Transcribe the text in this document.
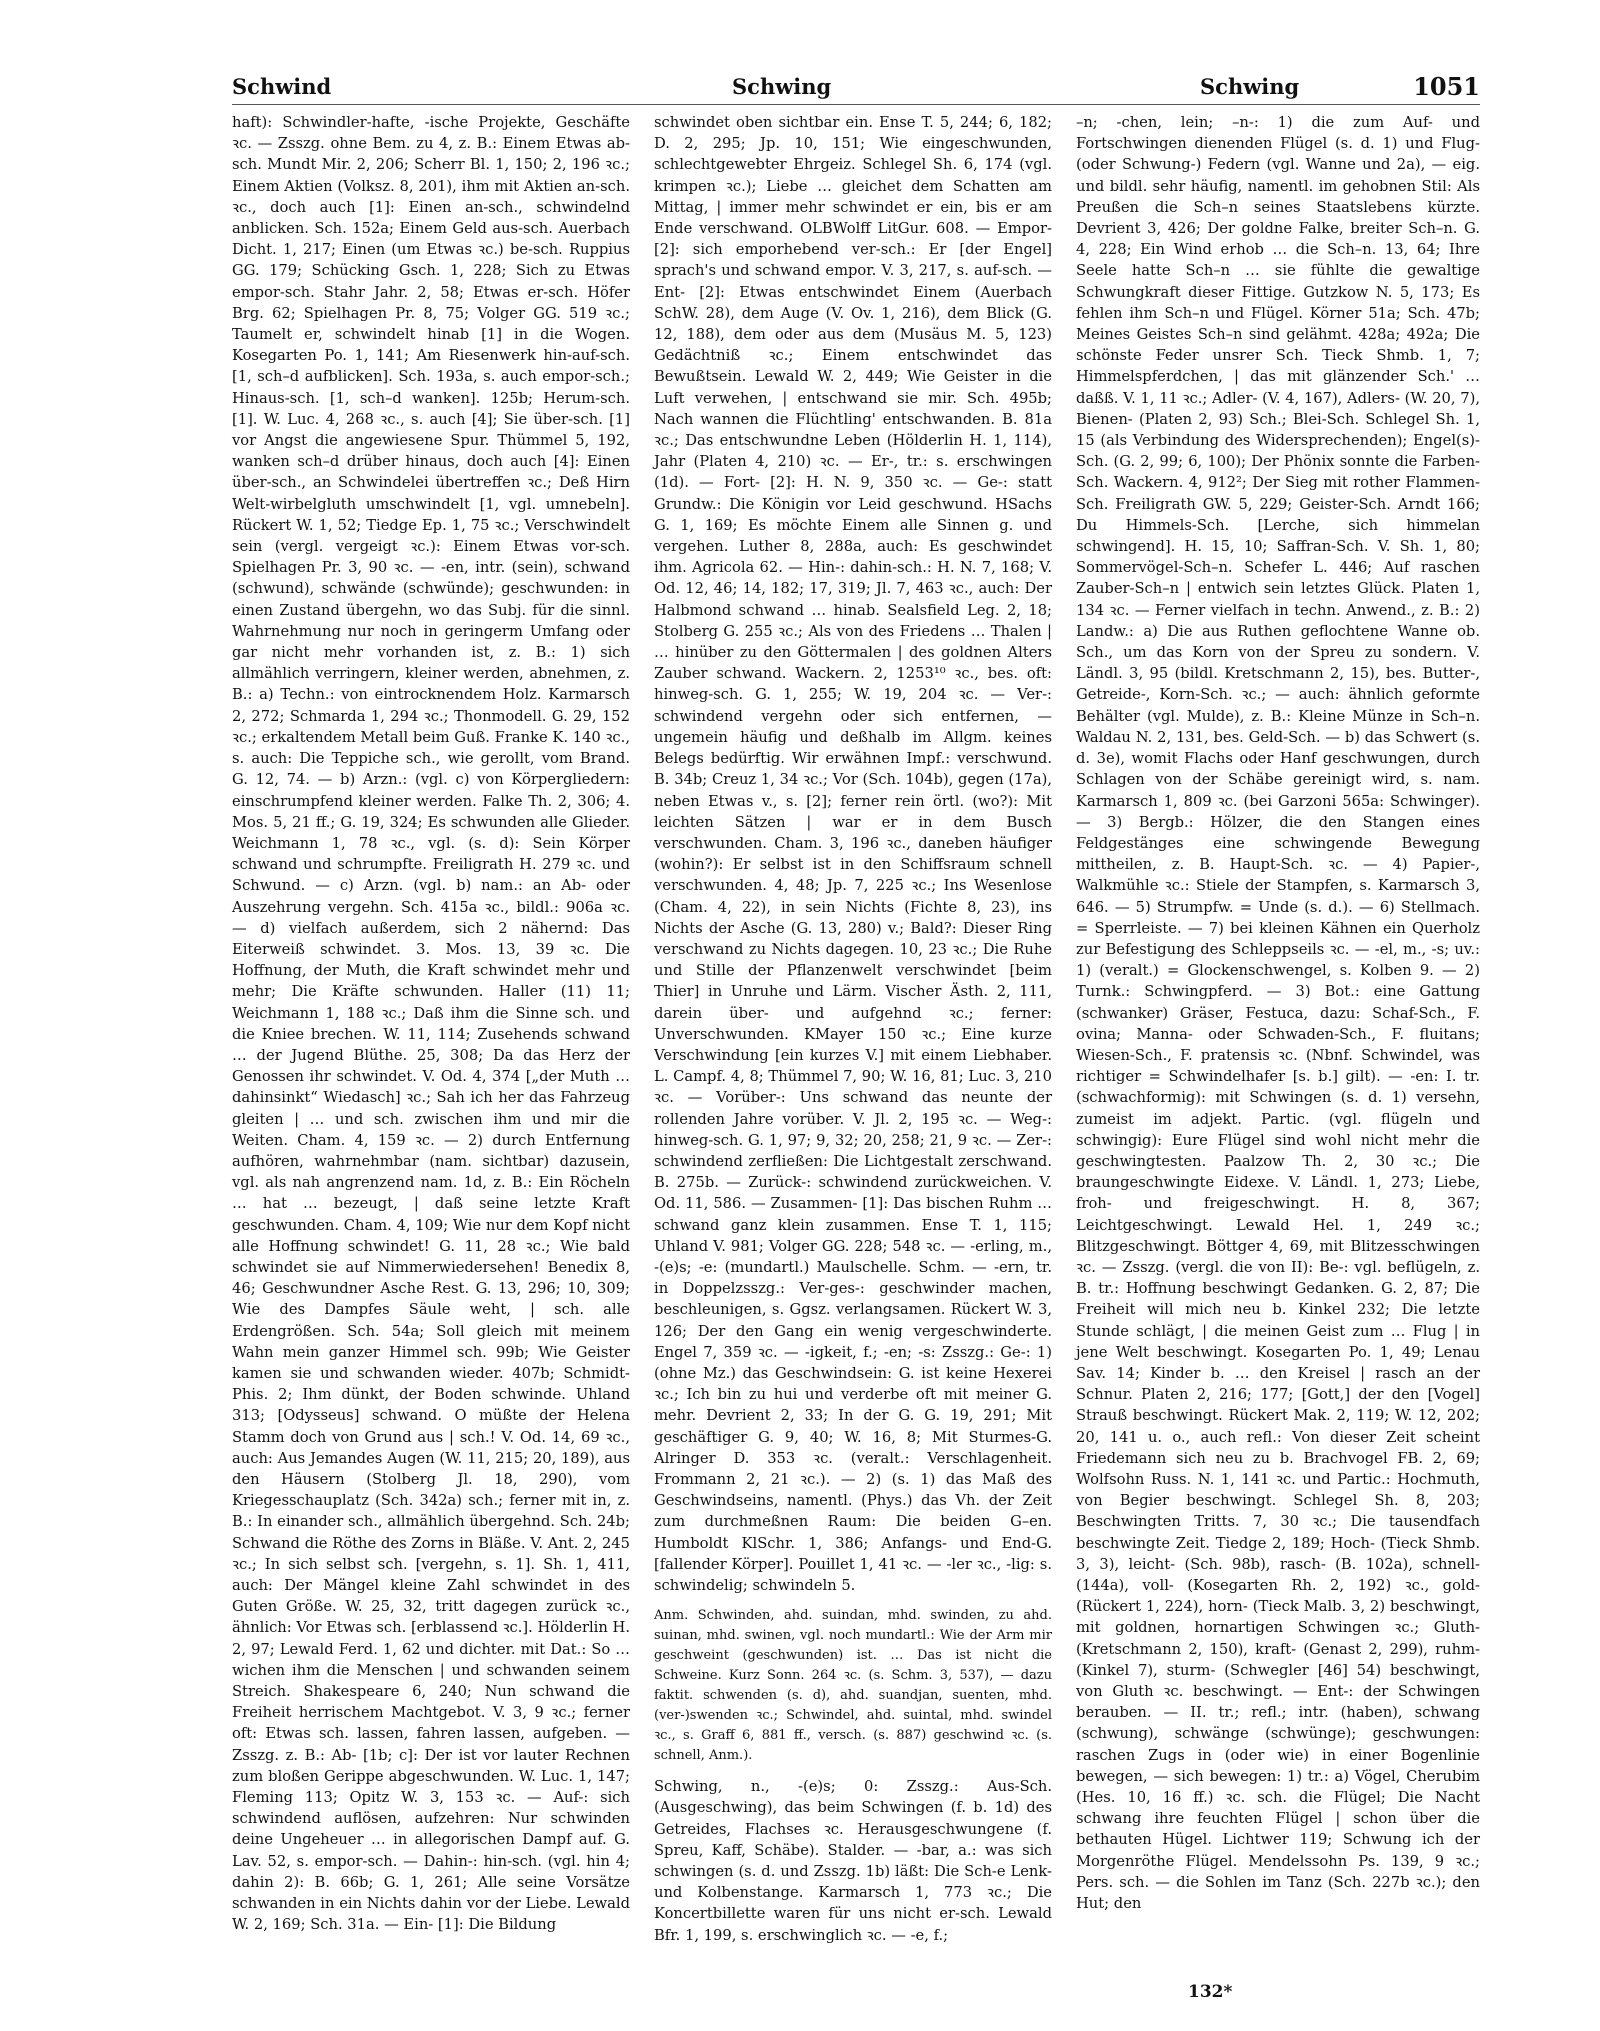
Schwind	Schwing	Schwing	1051

haft): Schwindler-hafte, -ische Projekte, Geschäfte ꝛc. — Zsszg. ohne Bem. zu 4, z. B.: Einem Etwas ab-sch. Mundt Mir. 2, 206; Scherr Bl. 1, 150; 2, 196 ꝛc.; Einem Aktien (Volksz. 8, 201), ihm mit Aktien an-sch. ꝛc., doch auch [1]: Einen an-sch., schwindelnd anblicken. Sch. 152a; Einem Geld aus-sch. Auerbach Dicht. 1, 217; Einen (um Etwas ꝛc.) be-sch. Ruppius GG. 179; Schücking Gsch. 1, 228; Sich zu Etwas empor-sch. Stahr Jahr. 2, 58; Etwas er-sch. Höfer Brg. 62; Spielhagen Pr. 8, 75; Volger GG. 519 ꝛc.; Taumelt er, schwindelt hinab [1] in die Wogen. Kosegarten Po. 1, 141; Am Riesenwerk hin-auf-sch. [1, sch–d aufblicken]. Sch. 193a, s. auch empor-sch.; Hinaus-sch. [1, sch–d wanken]. 125b; Herum-sch. [1]. W. Luc. 4, 268 ꝛc., s. auch [4]; Sie über-sch. [1] vor Angst die angewiesene Spur. Thümmel 5, 192, wanken sch–d drüber hinaus, doch auch [4]: Einen über-sch., an Schwindelei übertreffen ꝛc.; Deß Hirn Welt-wirbelgluth umschwindelt [1, vgl. umnebeln]. Rückert W. 1, 52; Tiedge Ep. 1, 75 ꝛc.; Verschwindelt sein (vergl. vergeigt ꝛc.): Einem Etwas vor-sch. Spielhagen Pr. 3, 90 ꝛc. — -en, intr. (sein), schwand (schwund), schwände (schwünde); geschwunden: in einen Zustand übergehn, wo das Subj. für die sinnl. Wahrnehmung nur noch in geringerm Umfang oder gar nicht mehr vorhanden ist, z. B.: 1) sich allmählich verringern, kleiner werden, abnehmen, z. B.: a) Techn.: von eintrocknendem Holz. Karmarsch 2, 272; Schmarda 1, 294 ꝛc.; Thonmodell. G. 29, 152 ꝛc.; erkaltendem Metall beim Guß. Franke K. 140 ꝛc., s. auch: Die Teppiche sch., wie gerollt, vom Brand. G. 12, 74. — b) Arzn.: (vgl. c) von Körpergliedern: einschrumpfend kleiner werden. Falke Th. 2, 306; 4. Mos. 5, 21 ff.; G. 19, 324; Es schwunden alle Glieder. Weichmann 1, 78 ꝛc., vgl. (s. d): Sein Körper schwand und schrumpfte. Freiligrath H. 279 ꝛc. und Schwund. — c) Arzn. (vgl. b) nam.: an Ab- oder Auszehrung vergehn. Sch. 415a ꝛc., bildl.: 906a ꝛc. — d) vielfach außerdem, sich 2 nähernd: Das Eiterweiß schwindet. 3. Mos. 13, 39 ꝛc. Die Hoffnung, der Muth, die Kraft schwindet mehr und mehr; Die Kräfte schwunden. Haller (11) 11; Weichmann 1, 188 ꝛc.; Daß ihm die Sinne sch. und die Kniee brechen. W. 11, 114; Zusehends schwand … der Jugend Blüthe. 25, 308; Da das Herz der Genossen ihr schwindet. V. Od. 4, 374 [„der Muth … dahinsinkt“ Wiedasch] ꝛc.; Sah ich her das Fahrzeug gleiten | … und sch. zwischen ihm und mir die Weiten. Cham. 4, 159 ꝛc. — 2) durch Entfernung aufhören, wahrnehmbar (nam. sichtbar) dazusein, vgl. als nah angrenzend nam. 1d, z. B.: Ein Röcheln … hat … bezeugt, | daß seine letzte Kraft geschwunden. Cham. 4, 109; Wie nur dem Kopf nicht alle Hoffnung schwindet! G. 11, 28 ꝛc.; Wie bald schwindet sie auf Nimmerwiedersehen! Benedix 8, 46; Geschwundner Asche Rest. G. 13, 296; 10, 309; Wie des Dampfes Säule weht, | sch. alle Erdengrößen. Sch. 54a; Soll gleich mit meinem Wahn mein ganzer Himmel sch. 99b; Wie Geister kamen sie und schwanden wieder. 407b; Schmidt-Phis. 2; Ihm dünkt, der Boden schwinde. Uhland 313; [Odysseus] schwand. O müßte der Helena Stamm doch von Grund aus | sch.! V. Od. 14, 69 ꝛc., auch: Aus Jemandes Augen (W. 11, 215; 20, 189), aus den Häusern (Stolberg Jl. 18, 290), vom Kriegesschauplatz (Sch. 342a) sch.; ferner mit in, z. B.: In einander sch., allmählich übergehnd. Sch. 24b; Schwand die Röthe des Zorns in Bläße. V. Ant. 2, 245 ꝛc.; In sich selbst sch. [vergehn, s. 1]. Sh. 1, 411, auch: Der Mängel kleine Zahl schwindet in des Guten Größe. W. 25, 32, tritt dagegen zurück ꝛc., ähnlich: Vor Etwas sch. [erblassend ꝛc.]. Hölderlin H. 2, 97; Lewald Ferd. 1, 62 und dichter. mit Dat.: So … wichen ihm die Menschen | und schwanden seinem Streich. Shakespeare 6, 240; Nun schwand die Freiheit herrischem Machtgebot. V. 3, 9 ꝛc.; ferner oft: Etwas sch. lassen, fahren lassen, aufgeben. — Zsszg. z. B.: Ab- [1b; c]: Der ist vor lauter Rechnen zum bloßen Gerippe abgeschwunden. W. Luc. 1, 147; Fleming 113; Opitz W. 3, 153 ꝛc. — Auf-: sich schwindend auflösen, aufzehren: Nur schwinden deine Ungeheuer … in allegorischen Dampf auf. G. Lav. 52, s. empor-sch. — Dahin-: hin-sch. (vgl. hin 4; dahin 2): B. 66b; G. 1, 261; Alle seine Vorsätze schwanden in ein Nichts dahin vor der Liebe. Lewald W. 2, 169; Sch. 31a. — Ein- [1]: Die Bildung

schwindet oben sichtbar ein. Ense T. 5, 244; 6, 182; D. 2, 295; Jp. 10, 151; Wie eingeschwunden, schlechtgewebter Ehrgeiz. Schlegel Sh. 6, 174 (vgl. krimpen ꝛc.); Liebe … gleichet dem Schatten am Mittag, | immer mehr schwindet er ein, bis er am Ende verschwand. OLBWolff LitGur. 608. — Empor- [2]: sich emporhebend ver-sch.: Er [der Engel] sprach's und schwand empor. V. 3, 217, s. auf-sch. — Ent- [2]: Etwas entschwindet Einem (Auerbach SchW. 28), dem Auge (V. Ov. 1, 216), dem Blick (G. 12, 188), dem oder aus dem (Musäus M. 5, 123) Gedächtniß ꝛc.; Einem entschwindet das Bewußtsein. Lewald W. 2, 449; Wie Geister in die Luft verwehen, | entschwand sie mir. Sch. 495b; Nach wannen die Flüchtling' entschwanden. B. 81a ꝛc.; Das entschwundne Leben (Hölderlin H. 1, 114), Jahr (Platen 4, 210) ꝛc. — Er-, tr.: s. erschwingen (1d). — Fort- [2]: H. N. 9, 350 ꝛc. — Ge-: statt Grundw.: Die Königin vor Leid geschwund. HSachs G. 1, 169; Es möchte Einem alle Sinnen g. und vergehen. Luther 8, 288a, auch: Es geschwindet ihm. Agricola 62. — Hin-: dahin-sch.: H. N. 7, 168; V. Od. 12, 46; 14, 182; 17, 319; Jl. 7, 463 ꝛc., auch: Der Halbmond schwand … hinab. Sealsfield Leg. 2, 18; Stolberg G. 255 ꝛc.; Als von des Friedens … Thalen | … hinüber zu den Göttermalen | des goldnen Alters Zauber schwand. Wackern. 2, 1253¹⁰ ꝛc., bes. oft: hinweg-sch. G. 1, 255; W. 19, 204 ꝛc. — Ver-: schwindend vergehn oder sich entfernen, — ungemein häufig und deßhalb im Allgm. keines Belegs bedürftig. Wir erwähnen Impf.: verschwund. B. 34b; Creuz 1, 34 ꝛc.; Vor (Sch. 104b), gegen (17a), neben Etwas v., s. [2]; ferner rein örtl. (wo?): Mit leichten Sätzen | war er in dem Busch verschwunden. Cham. 3, 196 ꝛc., daneben häufiger (wohin?): Er selbst ist in den Schiffsraum schnell verschwunden. 4, 48; Jp. 7, 225 ꝛc.; Ins Wesenlose (Cham. 4, 22), in sein Nichts (Fichte 8, 23), ins Nichts der Asche (G. 13, 280) v.; Bald?: Dieser Ring verschwand zu Nichts dagegen. 10, 23 ꝛc.; Die Ruhe und Stille der Pflanzenwelt verschwindet [beim Thier] in Unruhe und Lärm. Vischer Ästh. 2, 111, darein über- und aufgehnd ꝛc.; ferner: Unverschwunden. KMayer 150 ꝛc.; Eine kurze Verschwindung [ein kurzes V.] mit einem Liebhaber. L. Campf. 4, 8; Thümmel 7, 90; W. 16, 81; Luc. 3, 210 ꝛc. — Vorüber-: Uns schwand das neunte der rollenden Jahre vorüber. V. Jl. 2, 195 ꝛc. — Weg-: hinweg-sch. G. 1, 97; 9, 32; 20, 258; 21, 9 ꝛc. — Zer-: schwindend zerfließen: Die Lichtgestalt zerschwand. B. 275b. — Zurück-: schwindend zurückweichen. V. Od. 11, 586. — Zusammen- [1]: Das bischen Ruhm … schwand ganz klein zusammen. Ense T. 1, 115; Uhland V. 981; Volger GG. 228; 548 ꝛc. — -erling, m., -(e)s; -e: (mundartl.) Maulschelle. Schm. — -ern, tr. in Doppelzsszg.: Ver-ges-: geschwinder machen, beschleunigen, s. Ggsz. verlangsamen. Rückert W. 3, 126; Der den Gang ein wenig vergeschwinderte. Engel 7, 359 ꝛc. — -igkeit, f.; -en; -s: Zsszg.: Ge-: 1) (ohne Mz.) das Geschwindsein: G. ist keine Hexerei ꝛc.; Ich bin zu hui und verderbe oft mit meiner G. mehr. Devrient 2, 33; In der G. G. 19, 291; Mit geschäftiger G. 9, 40; W. 16, 8; Mit Sturmes-G. Alringer D. 353 ꝛc. (veralt.: Verschlagenheit. Frommann 2, 21 ꝛc.). — 2) (s. 1) das Maß des Geschwindseins, namentl. (Phys.) das Vh. der Zeit zum durchmeßnen Raum: Die beiden G–en. Humboldt KlSchr. 1, 386; Anfangs- und End-G. [fallender Körper]. Pouillet 1, 41 ꝛc. — -ler ꝛc., -lig: s. schwindelig; schwindeln 5.

Anm. Schwinden, ahd. suindan, mhd. swinden, zu ahd. suinan, mhd. swinen, vgl. noch mundartl.: Wie der Arm mir geschweint (geschwunden) ist. … Das ist nicht die Schweine. Kurz Sonn. 264 ꝛc. (s. Schm. 3, 537), — dazu faktit. schwenden (s. d), ahd. suandjan, suenten, mhd. (ver-)swenden ꝛc.; Schwindel, ahd. suintal, mhd. swindel ꝛc., s. Graff 6, 881 ff., versch. (s. 887) geschwind ꝛc. (s. schnell, Anm.).

Schwing, n., -(e)s; 0: Zsszg.: Aus-Sch. (Ausgeschwing), das beim Schwingen (f. b. 1d) des Getreides, Flachses ꝛc. Herausgeschwungene (f. Spreu, Kaff, Schäbe). Stalder. — -bar, a.: was sich schwingen (s. d. und Zsszg. 1b) läßt: Die Sch-e Lenk- und Kolbenstange. Karmarsch 1, 773 ꝛc.; Die Koncertbillette waren für uns nicht er-sch. Lewald Bfr. 1, 199, s. erschwinglich ꝛc. — -e, f.;

–n; -chen, lein; –n-: 1) die zum Auf- und Fortschwingen dienenden Flügel (s. d. 1) und Flug- (oder Schwung-) Federn (vgl. Wanne und 2a), — eig. und bildl. sehr häufig, namentl. im gehobnen Stil: Als Preußen die Sch–n seines Staatslebens kürzte. Devrient 3, 426; Der goldne Falke, breiter Sch–n. G. 4, 228; Ein Wind erhob … die Sch–n. 13, 64; Ihre Seele hatte Sch–n … sie fühlte die gewaltige Schwungkraft dieser Fittige. Gutzkow N. 5, 173; Es fehlen ihm Sch–n und Flügel. Körner 51a; Sch. 47b; Meines Geistes Sch–n sind gelähmt. 428a; 492a; Die schönste Feder unsrer Sch. Tieck Shmb. 1, 7; Himmelspferdchen, | das mit glänzender Sch.' … daßß. V. 1, 11 ꝛc.; Adler- (V. 4, 167), Adlers- (W. 20, 7), Bienen- (Platen 2, 93) Sch.; Blei-Sch. Schlegel Sh. 1, 15 (als Verbindung des Widersprechenden); Engel(s)-Sch. (G. 2, 99; 6, 100); Der Phönix sonnte die Farben-Sch. Wackern. 4, 912²; Der Sieg mit rother Flammen-Sch. Freiligrath GW. 5, 229; Geister-Sch. Arndt 166; Du Himmels-Sch. [Lerche, sich himmelan schwingend]. H. 15, 10; Saffran-Sch. V. Sh. 1, 80; Sommervögel-Sch–n. Schefer L. 446; Auf raschen Zauber-Sch–n | entwich sein letztes Glück. Platen 1, 134 ꝛc. — Ferner vielfach in techn. Anwend., z. B.: 2) Landw.: a) Die aus Ruthen geflochtene Wanne ob. Sch., um das Korn von der Spreu zu sondern. V. Ländl. 3, 95 (bildl. Kretschmann 2, 15), bes. Butter-, Getreide-, Korn-Sch. ꝛc.; — auch: ähnlich geformte Behälter (vgl. Mulde), z. B.: Kleine Münze in Sch–n. Waldau N. 2, 131, bes. Geld-Sch. — b) das Schwert (s. d. 3e), womit Flachs oder Hanf geschwungen, durch Schlagen von der Schäbe gereinigt wird, s. nam. Karmarsch 1, 809 ꝛc. (bei Garzoni 565a: Schwinger). — 3) Bergb.: Hölzer, die den Stangen eines Feldgestänges eine schwingende Bewegung mittheilen, z. B. Haupt-Sch. ꝛc. — 4) Papier-, Walkmühle ꝛc.: Stiele der Stampfen, s. Karmarsch 3, 646. — 5) Strumpfw. = Unde (s. d.). — 6) Stellmach. = Sperrleiste. — 7) bei kleinen Kähnen ein Querholz zur Befestigung des Schleppseils ꝛc. — -el, m., -s; uv.: 1) (veralt.) = Glockenschwengel, s. Kolben 9. — 2) Turnk.: Schwingpferd. — 3) Bot.: eine Gattung (schwanker) Gräser, Festuca, dazu: Schaf-Sch., F. ovina; Manna- oder Schwaden-Sch., F. fluitans; Wiesen-Sch., F. pratensis ꝛc. (Nbnf. Schwindel, was richtiger = Schwindelhafer [s. b.] gilt). — -en: I. tr. (schwachformig): mit Schwingen (s. d. 1) versehn, zumeist im adjekt. Partic. (vgl. flügeln und schwingig): Eure Flügel sind wohl nicht mehr die geschwingtesten. Paalzow Th. 2, 30 ꝛc.; Die braungeschwingte Eidexe. V. Ländl. 1, 273; Liebe, froh- und freigeschwingt. H. 8, 367; Leichtgeschwingt. Lewald Hel. 1, 249 ꝛc.; Blitzgeschwingt. Böttger 4, 69, mit Blitzesschwingen ꝛc. — Zsszg. (vergl. die von II): Be-: vgl. beflügeln, z. B. tr.: Hoffnung beschwingt Gedanken. G. 2, 87; Die Freiheit will mich neu b. Kinkel 232; Die letzte Stunde schlägt, | die meinen Geist zum … Flug | in jene Welt beschwingt. Kosegarten Po. 1, 49; Lenau Sav. 14; Kinder b. … den Kreisel | rasch an der Schnur. Platen 2, 216; 177; [Gott,] der den [Vogel] Strauß beschwingt. Rückert Mak. 2, 119; W. 12, 202; 20, 141 u. o., auch refl.: Von dieser Zeit scheint Friedemann sich neu zu b. Brachvogel FB. 2, 69; Wolfsohn Russ. N. 1, 141 ꝛc. und Partic.: Hochmuth, von Begier beschwingt. Schlegel Sh. 8, 203; Beschwingten Tritts. 7, 30 ꝛc.; Die tausendfach beschwingte Zeit. Tiedge 2, 189; Hoch- (Tieck Shmb. 3, 3), leicht- (Sch. 98b), rasch- (B. 102a), schnell- (144a), voll- (Kosegarten Rh. 2, 192) ꝛc., gold- (Rückert 1, 224), horn- (Tieck Malb. 3, 2) beschwingt, mit goldnen, hornartigen Schwingen ꝛc.; Gluth- (Kretschmann 2, 150), kraft- (Genast 2, 299), ruhm- (Kinkel 7), sturm- (Schwegler [46] 54) beschwingt, von Gluth ꝛc. beschwingt. — Ent-: der Schwingen berauben. — II. tr.; refl.; intr. (haben), schwang (schwung), schwänge (schwünge); geschwungen: raschen Zugs in (oder wie) in einer Bogenlinie bewegen, — sich bewegen: 1) tr.: a) Vögel, Cherubim (Hes. 10, 16 ff.) ꝛc. sch. die Flügel; Die Nacht schwang ihre feuchten Flügel | schon über die bethauten Hügel. Lichtwer 119; Schwung ich der Morgenröthe Flügel. Mendelssohn Ps. 139, 9 ꝛc.; Pers. sch. — die Sohlen im Tanz (Sch. 227b ꝛc.); den Hut; den

132*
